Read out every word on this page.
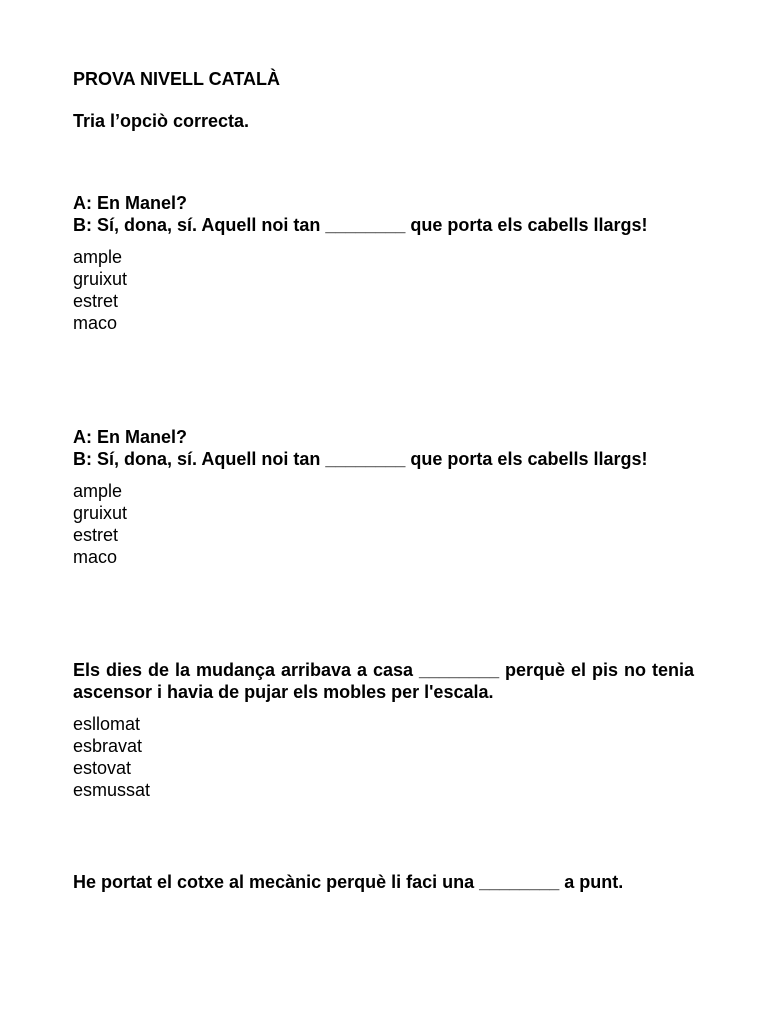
PROVA NIVELL CATALÀ
Tria l’opciò correcta.

A: En Manel?
B: Sí, dona, sí. Aquell noi tan ________ que porta els cabells llargs!

ample
gruixut
estret
maco

A: En Manel?
B: Sí, dona, sí. Aquell noi tan ________ que porta els cabells llargs!

ample
gruixut
estret
maco

Els dies de la mudança arribava a casa ________ perquè el pis no tenia ascensor i havia de pujar els mobles per l'escala.

esllomat
esbravat
estovat
esmussat

He portat el cotxe al mecànic perquè li faci una ________ a punt.
